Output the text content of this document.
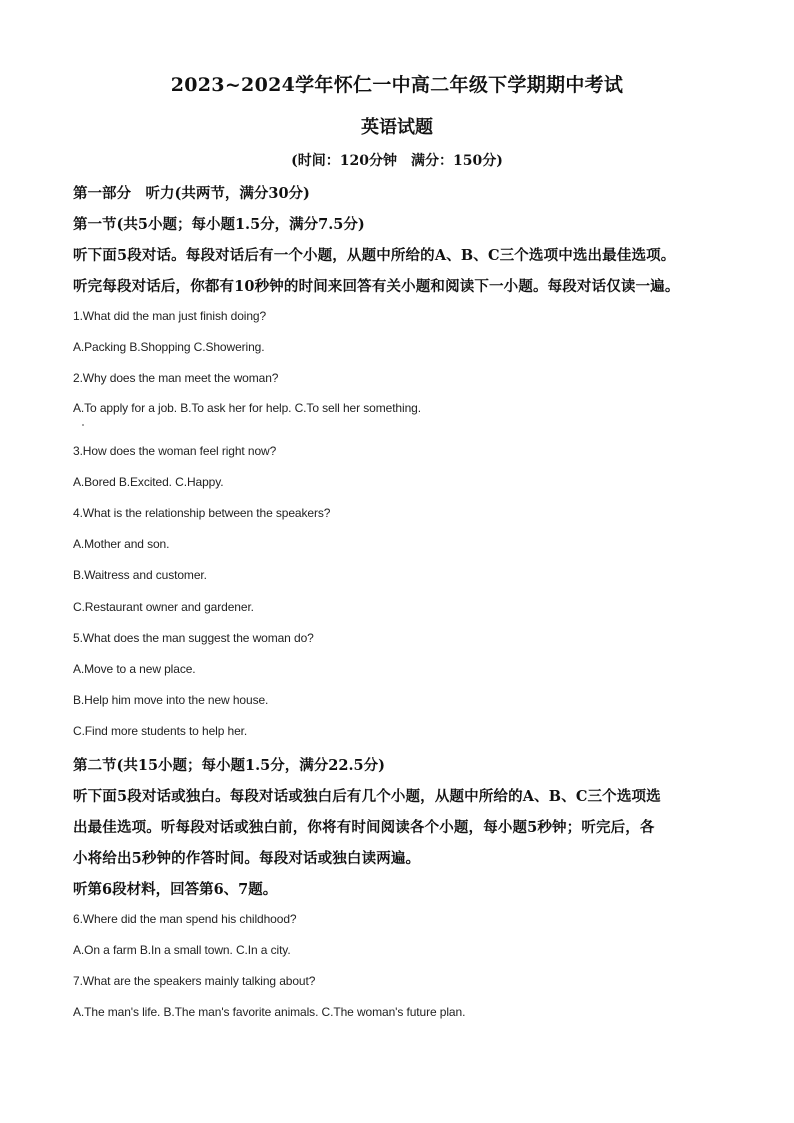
2023~2024学年怀仁一中高二年级下学期期中考试
英语试题
(时间：120分钟　满分：150分)
第一部分　听力(共两节，满分30分)
第一节(共5小题；每小题1.5分，满分7.5分)
听下面5段对话。每段对话后有一个小题，从题中所给的A、B、C三个选项中选出最佳选项。
听完每段对话后，你都有10秒钟的时间来回答有关小题和阅读下一小题。每段对话仅读一遍。
1.What did the man just finish doing?
A.Packing B.Shopping C.Showering.
2.Why does the man meet the woman?
A.To apply for a job. B.To ask her for help. C.To sell her something.
3.How does the woman feel right now?
A.Bored B.Excited. C.Happy.
4.What is the relationship between the speakers?
A.Mother and son.
B.Waitress and customer.
C.Restaurant owner and gardener.
5.What does the man suggest the woman do?
A.Move to a new place.
B.Help him move into the new house.
C.Find more students to help her.
第二节(共15小题；每小题1.5分，满分22.5分)
听下面5段对话或独白。每段对话或独白后有几个小题，从题中所给的A、B、C三个选项选
出最佳选项。听每段对话或独白前，你将有时间阅读各个小题，每小题5秒钟；听完后，各
小将给出5秒钟的作答时间。每段对话或独白读两遍。
听第6段材料，回答第6、7题。
6.Where did the man spend his childhood?
A.On a farm B.In a small town. C.In a city.
7.What are the speakers mainly talking about?
A.The man's life. B.The man's favorite animals. C.The woman's future plan.
